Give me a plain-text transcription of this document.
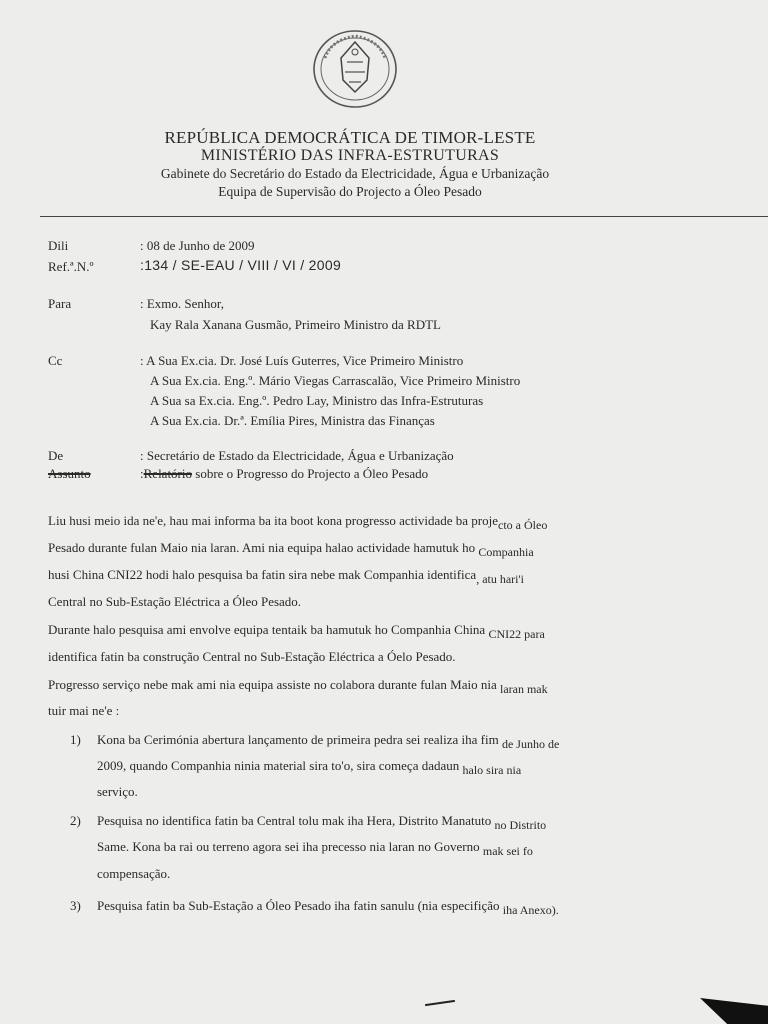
REPÚBLICA DEMOCRÁTICA DE TIMOR-LESTE
MINISTÉRIO DAS INFRA-ESTRUTURAS
Gabinete do Secretário do Estado da Electricidade, Água e Urbanização
Equipa de Supervisão do Projecto a Óleo Pesado
Dili	: 08 de Junho de 2009
Ref.ª.N.º	:134 / SE-EAU / VIII / VI / 2009
Para	: Exmo. Senhor,
Kay Rala Xanana Gusmão, Primeiro Ministro da RDTL
Cc	: A Sua Ex.cia. Dr. José Luís Guterres, Vice Primeiro Ministro
A Sua Ex.cia. Eng.º. Mário Viegas Carrascalão, Vice Primeiro Ministro
A Sua sa Ex.cia. Eng.º. Pedro Lay, Ministro das Infra-Estruturas
A Sua Ex.cia. Dr.ª. Emília Pires, Ministra das Finanças
De	: Secretário de Estado da Electricidade, Água e Urbanização
Assunto	:Relatório sobre o Progresso do Projecto a Óleo Pesado
Liu husi meio ida ne'e, hau mai informa ba ita boot kona progresso actividade ba projecto a Óleo
Pesado durante fulan Maio nia laran. Ami nia equipa halao actividade hamutuk ho Companhia
husi China CNI22 hodi halo pesquisa ba fatin sira nebe mak Companhia identifica, atu hari'i
Central no Sub-Estação Eléctrica a Óleo Pesado.
Durante halo pesquisa ami envolve equipa tentaik ba hamutuk ho Companhia China CNI22 para
identifica fatin ba construção Central no Sub-Estação Eléctrica a Óelo Pesado.
Progresso serviço nebe mak ami nia equipa assiste no colabora durante fulan Maio nia laran mak
tuir mai ne'e :
1) Kona ba Cerimónia abertura lançamento de primeira pedra sei realiza iha fim de Junho de
2009, quando Companhia ninia material sira to'o, sira começa dadaun halo sira nia
serviço.
2) Pesquisa no identifica fatin ba Central tolu mak iha Hera, Distrito Manatuto no Distrito
Same. Kona ba rai ou terreno agora sei iha precesso nia laran no Governo mak sei fo
compensação.
3) Pesquisa fatin ba Sub-Estação a Óleo Pesado iha fatin sanulu (nia especifição iha Anexo).
